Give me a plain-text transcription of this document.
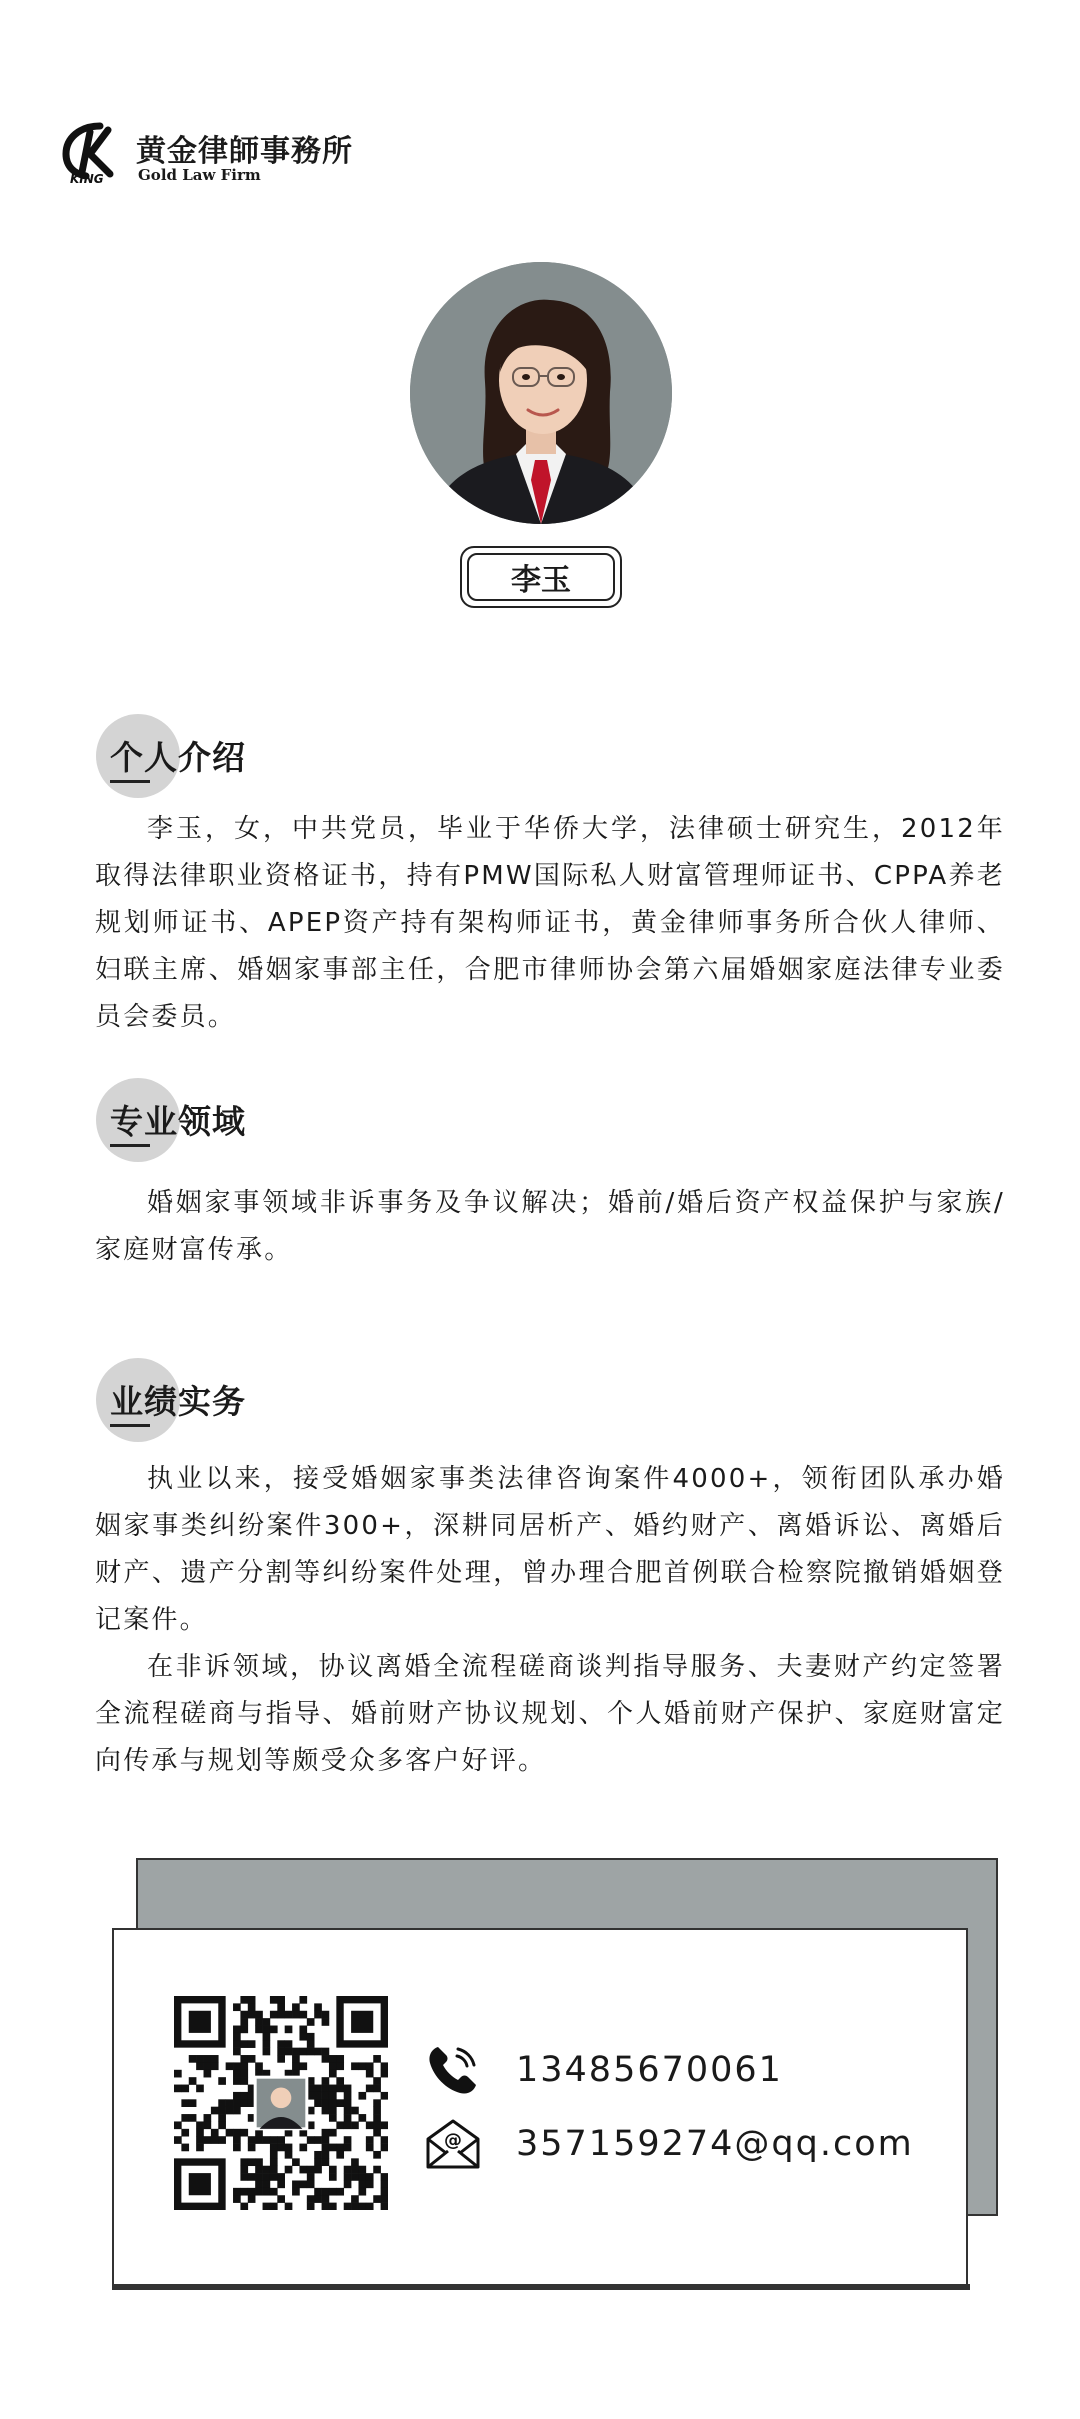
KING
黄金律師事務所
Gold Law Firm
李玉
个人介绍

李玉，女，中共党员，毕业于华侨大学，法律硕士研究生，2012年取得法律职业资格证书，持有PMW国际私人财富管理师证书、CPPA养老规划师证书、APEP资产持有架构师证书，黄金律师事务所合伙人律师、妇联主席、婚姻家事部主任，合肥市律师协会第六届婚姻家庭法律专业委员会委员。

专业领域

婚姻家事领域非诉事务及争议解决；婚前/婚后资产权益保护与家族/家庭财富传承。

业绩实务

执业以来，接受婚姻家事类法律咨询案件4000+，领衔团队承办婚姻家事类纠纷案件300+，深耕同居析产、婚约财产、离婚诉讼、离婚后财产、遗产分割等纠纷案件处理，曾办理合肥首例联合检察院撤销婚姻登记案件。

在非诉领域，协议离婚全流程磋商谈判指导服务、夫妻财产约定签署全流程磋商与指导、婚前财产协议规划、个人婚前财产保护、家庭财富定向传承与规划等颇受众多客户好评。

13485670061
@ 357159274@qq.com
